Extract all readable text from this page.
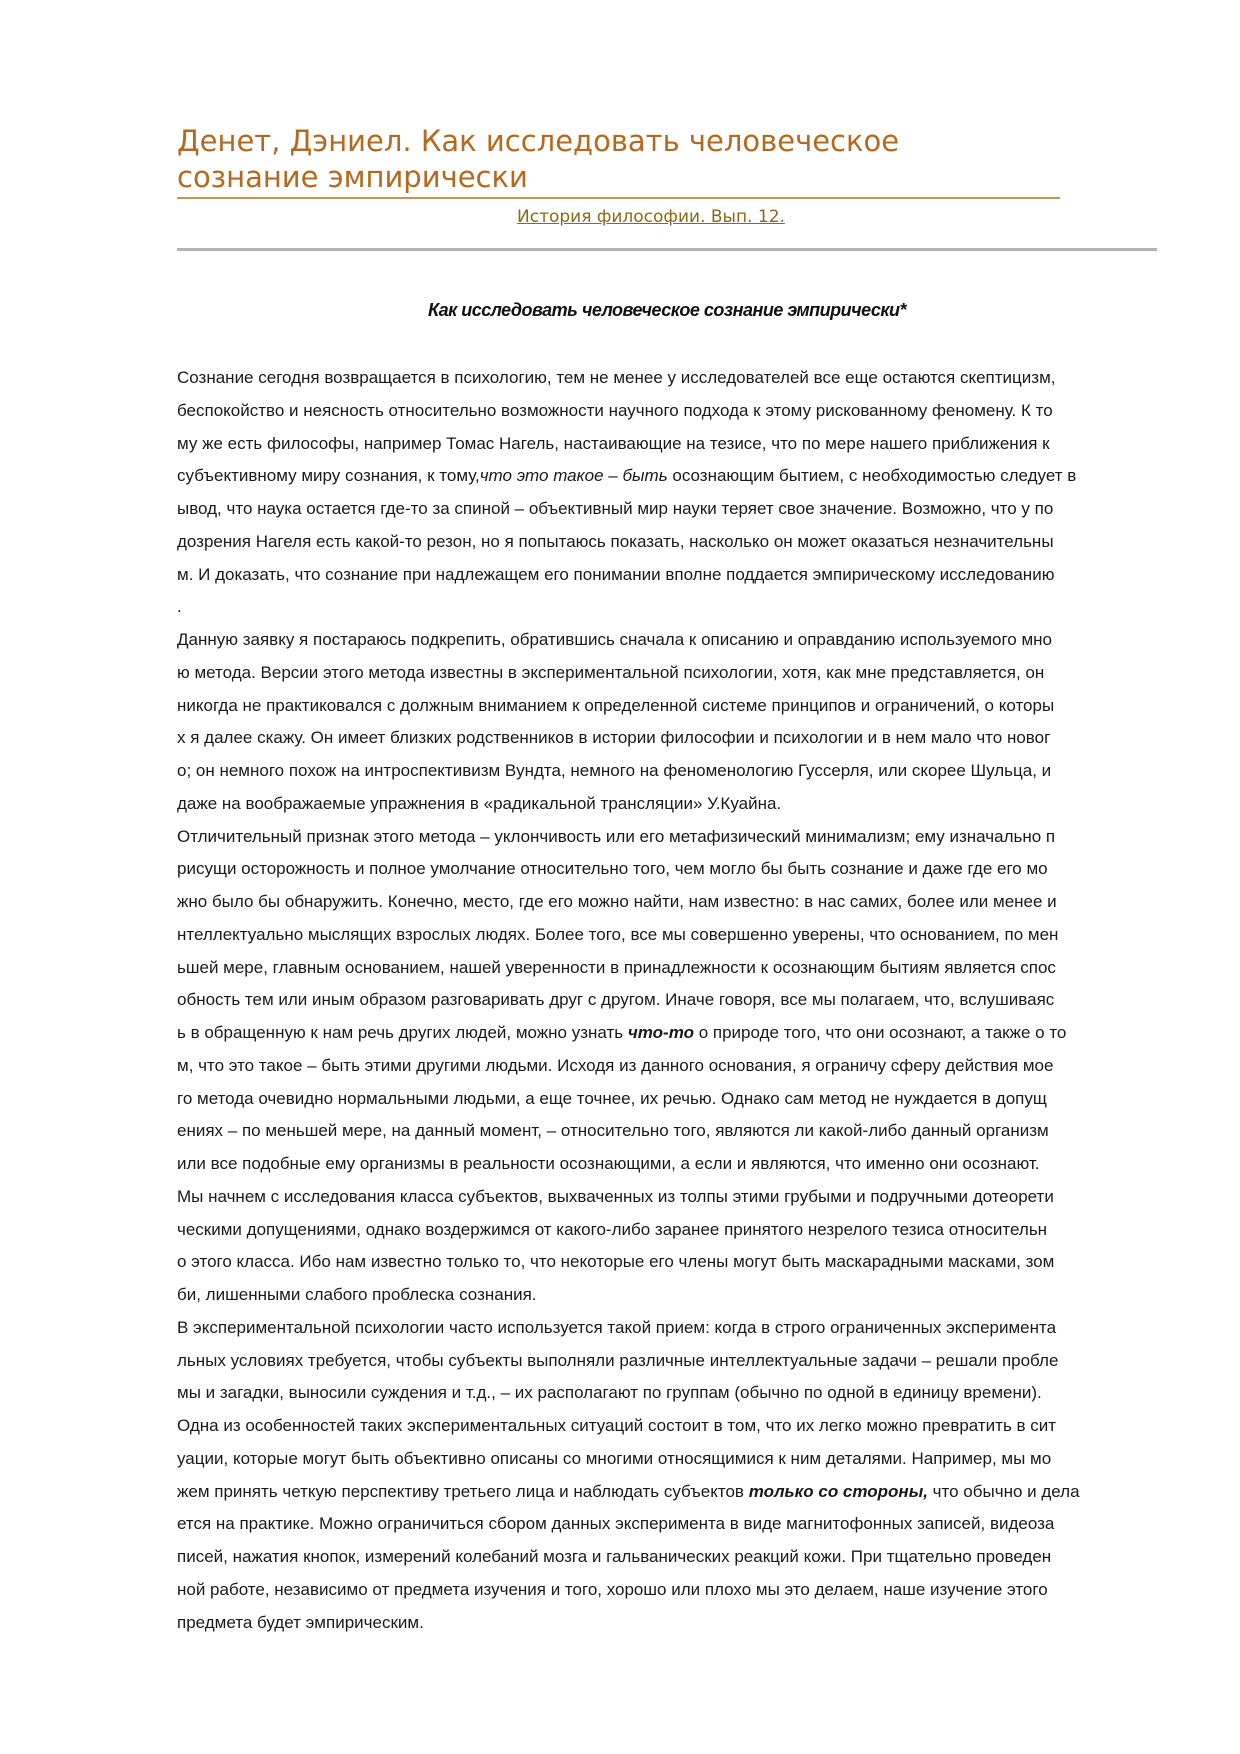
Денет, Дэниел. Как исследовать человеческое
сознание эмпирически
История философии. Вып. 12.
Как исследовать человеческое сознание эмпирически*
Сознание сегодня возвращается в психологию, тем не менее у исследователей все еще остаются скептицизм,
беспокойство и неясность относительно возможности научного подхода к этому рискованному феномену. К то
му же есть философы, например Томас Нагель, настаивающие на тезисе, что по мере нашего приближения к
субъективному миру сознания, к тому,что это такое – быть осознающим бытием, с необходимостью следует в
ывод, что наука остается где-то за спиной – объективный мир науки теряет свое значение. Возможно, что у по
дозрения Нагеля есть какой-то резон, но я попытаюсь показать, насколько он может оказаться незначительны
м. И доказать, что сознание при надлежащем его понимании вполне поддается эмпирическому исследованию
.
Данную заявку я постараюсь подкрепить, обратившись сначала к описанию и оправданию используемого мно
ю метода. Версии этого метода известны в экспериментальной психологии, хотя, как мне представляется, он
никогда не практиковался с должным вниманием к определенной системе принципов и ограничений, о которы
х я далее скажу. Он имеет близких родственников в истории философии и психологии и в нем мало что новог
о; он немного похож на интроспективизм Вундта, немного на феноменологию Гуссерля, или скорее Шульца, и
даже на воображаемые упражнения в «радикальной трансляции» У.Куайна.
Отличительный признак этого метода – уклончивость или его метафизический минимализм; ему изначально п
рисущи осторожность и полное умолчание относительно того, чем могло бы быть сознание и даже где его мо
жно было бы обнаружить. Конечно, место, где его можно найти, нам известно: в нас самих, более или менее и
нтеллектуально мыслящих взрослых людях. Более того, все мы совершенно уверены, что основанием, по мен
ьшей мере, главным основанием, нашей уверенности в принадлежности к осознающим бытиям является спос
обность тем или иным образом разговаривать друг с другом. Иначе говоря, все мы полагаем, что, вслушиваяс
ь в обращенную к нам речь других людей, можно узнать что-то о природе того, что они осознают, а также о то
м, что это такое – быть этими другими людьми. Исходя из данного основания, я ограничу сферу действия мое
го метода очевидно нормальными людьми, а еще точнее, их речью. Однако сам метод не нуждается в допущ
ениях – по меньшей мере, на данный момент, – относительно того, являются ли какой-либо данный организм
или все подобные ему организмы в реальности осознающими, а если и являются, что именно они осознают.
Мы начнем с исследования класса субъектов, выхваченных из толпы этими грубыми и подручными дотеорети
ческими допущениями, однако воздержимся от какого-либо заранее принятого незрелого тезиса относительн
о этого класса. Ибо нам известно только то, что некоторые его члены могут быть маскарадными масками, зом
би, лишенными слабого проблеска сознания.
В экспериментальной психологии часто используется такой прием: когда в строго ограниченных эксперимента
льных условиях требуется, чтобы субъекты выполняли различные интеллектуальные задачи – решали пробле
мы и загадки, выносили суждения и т.д., – их располагают по группам (обычно по одной в единицу времени).
Одна из особенностей таких экспериментальных ситуаций состоит в том, что их легко можно превратить в сит
уации, которые могут быть объективно описаны со многими относящимися к ним деталями. Например, мы мо
жем принять четкую перспективу третьего лица и наблюдать субъектов только со стороны, что обычно и дела
ется на практике. Можно ограничиться сбором данных эксперимента в виде магнитофонных записей, видеоза
писей, нажатия кнопок, измерений колебаний мозга и гальванических реакций кожи. При тщательно проведен
ной работе, независимо от предмета изучения и того, хорошо или плохо мы это делаем, наше изучение этого
предмета будет эмпирическим.
